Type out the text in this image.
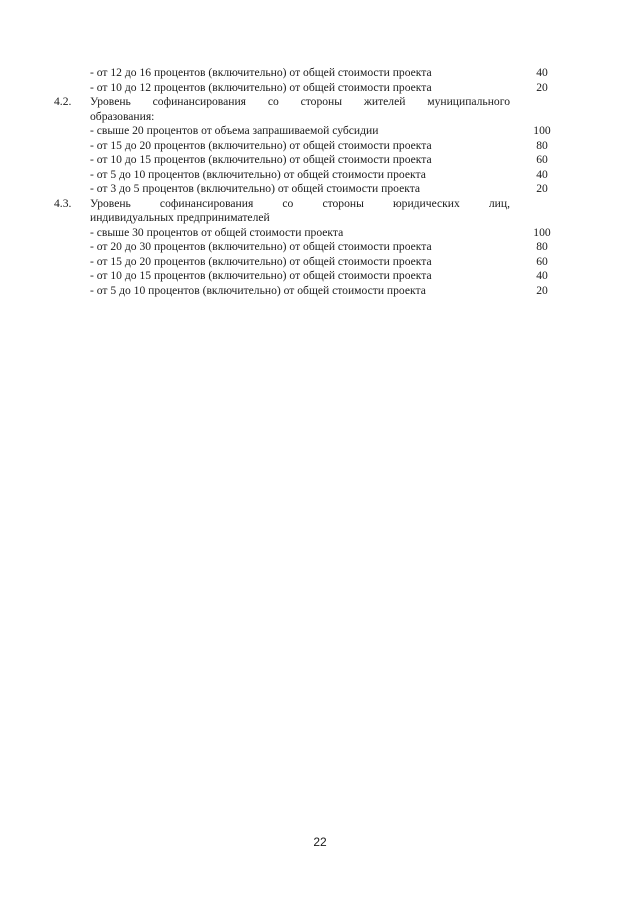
- от 12 до 16 процентов (включительно) от общей стоимости проекта	40
- от 10 до 12 процентов (включительно) от общей стоимости проекта	20
4.2.	Уровень софинансирования со стороны жителей муниципального
образования:
- свыше 20 процентов от объема запрашиваемой субсидии	100
- от 15 до 20 процентов (включительно) от общей стоимости проекта	80
- от 10 до 15 процентов (включительно) от общей стоимости проекта	60
- от 5 до 10 процентов (включительно) от общей стоимости проекта	40
- от 3 до 5 процентов (включительно) от общей стоимости проекта	20
4.3.	Уровень софинансирования со стороны юридических лиц,
индивидуальных предпринимателей
- свыше 30 процентов от общей стоимости проекта	100
- от 20 до 30 процентов (включительно) от общей стоимости проекта	80
- от 15 до 20 процентов (включительно) от общей стоимости проекта	60
- от 10 до 15 процентов (включительно) от общей стоимости проекта	40
- от 5 до 10 процентов (включительно) от общей стоимости проекта	20
22
